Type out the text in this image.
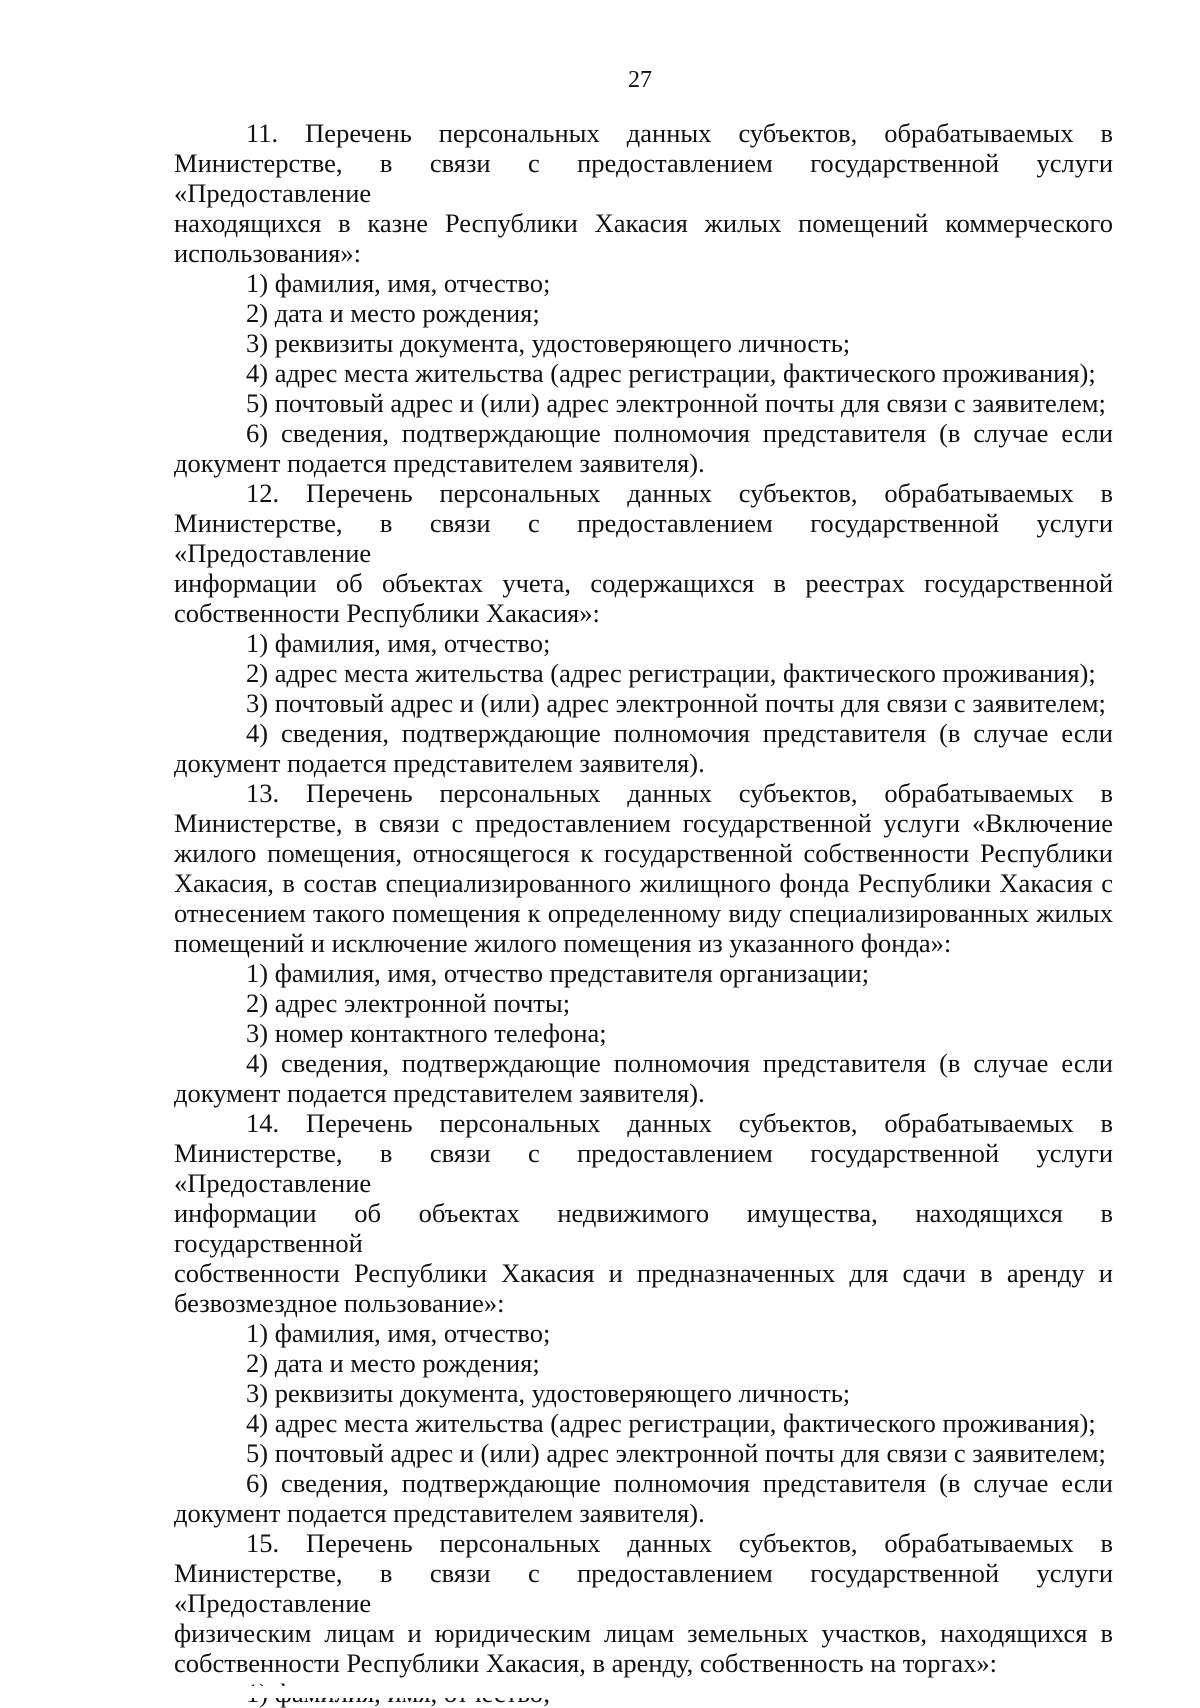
27

11. Перечень персональных данных субъектов, обрабатываемых в

Министерстве, в связи с предоставлением государственной услуги «Предоставление

находящихся в казне Республики Хакасия жилых помещений коммерческого

использования»:

1) фамилия, имя, отчество;

2) дата и место рождения;

3) реквизиты документа, удостоверяющего личность;

4) адрес места жительства (адрес регистрации, фактического проживания);

5) почтовый адрес и (или) адрес электронной почты для связи с заявителем;

6) сведения, подтверждающие полномочия представителя (в случае если

документ подается представителем заявителя).

12. Перечень персональных данных субъектов, обрабатываемых в

Министерстве, в связи с предоставлением государственной услуги «Предоставление

информации об объектах учета, содержащихся в реестрах государственной

собственности Республики Хакасия»:

1) фамилия, имя, отчество;

2) адрес места жительства (адрес регистрации, фактического проживания);

3) почтовый адрес и (или) адрес электронной почты для связи с заявителем;

4) сведения, подтверждающие полномочия представителя (в случае если

документ подается представителем заявителя).

13. Перечень персональных данных субъектов, обрабатываемых в

Министерстве, в связи с предоставлением государственной услуги «Включение

жилого помещения, относящегося к государственной собственности Республики

Хакасия, в состав специализированного жилищного фонда Республики Хакасия с

отнесением такого помещения к определенному виду специализированных жилых

помещений и исключение жилого помещения из указанного фонда»:

1) фамилия, имя, отчество представителя организации;

2) адрес электронной почты;

3) номер контактного телефона;

4) сведения, подтверждающие полномочия представителя (в случае если

документ подается представителем заявителя).

14. Перечень персональных данных субъектов, обрабатываемых в

Министерстве, в связи с предоставлением государственной услуги «Предоставление

информации об объектах недвижимого имущества, находящихся в государственной

собственности Республики Хакасия и предназначенных для сдачи в аренду и

безвозмездное пользование»:

1) фамилия, имя, отчество;

2) дата и место рождения;

3) реквизиты документа, удостоверяющего личность;

4) адрес места жительства (адрес регистрации, фактического проживания);

5) почтовый адрес и (или) адрес электронной почты для связи с заявителем;

6) сведения, подтверждающие полномочия представителя (в случае если

документ подается представителем заявителя).

15. Перечень персональных данных субъектов, обрабатываемых в

Министерстве, в связи с предоставлением государственной услуги «Предоставление

физическим лицам и юридическим лицам земельных участков, находящихся в

собственности Республики Хакасия, в аренду, собственность на торгах»:
